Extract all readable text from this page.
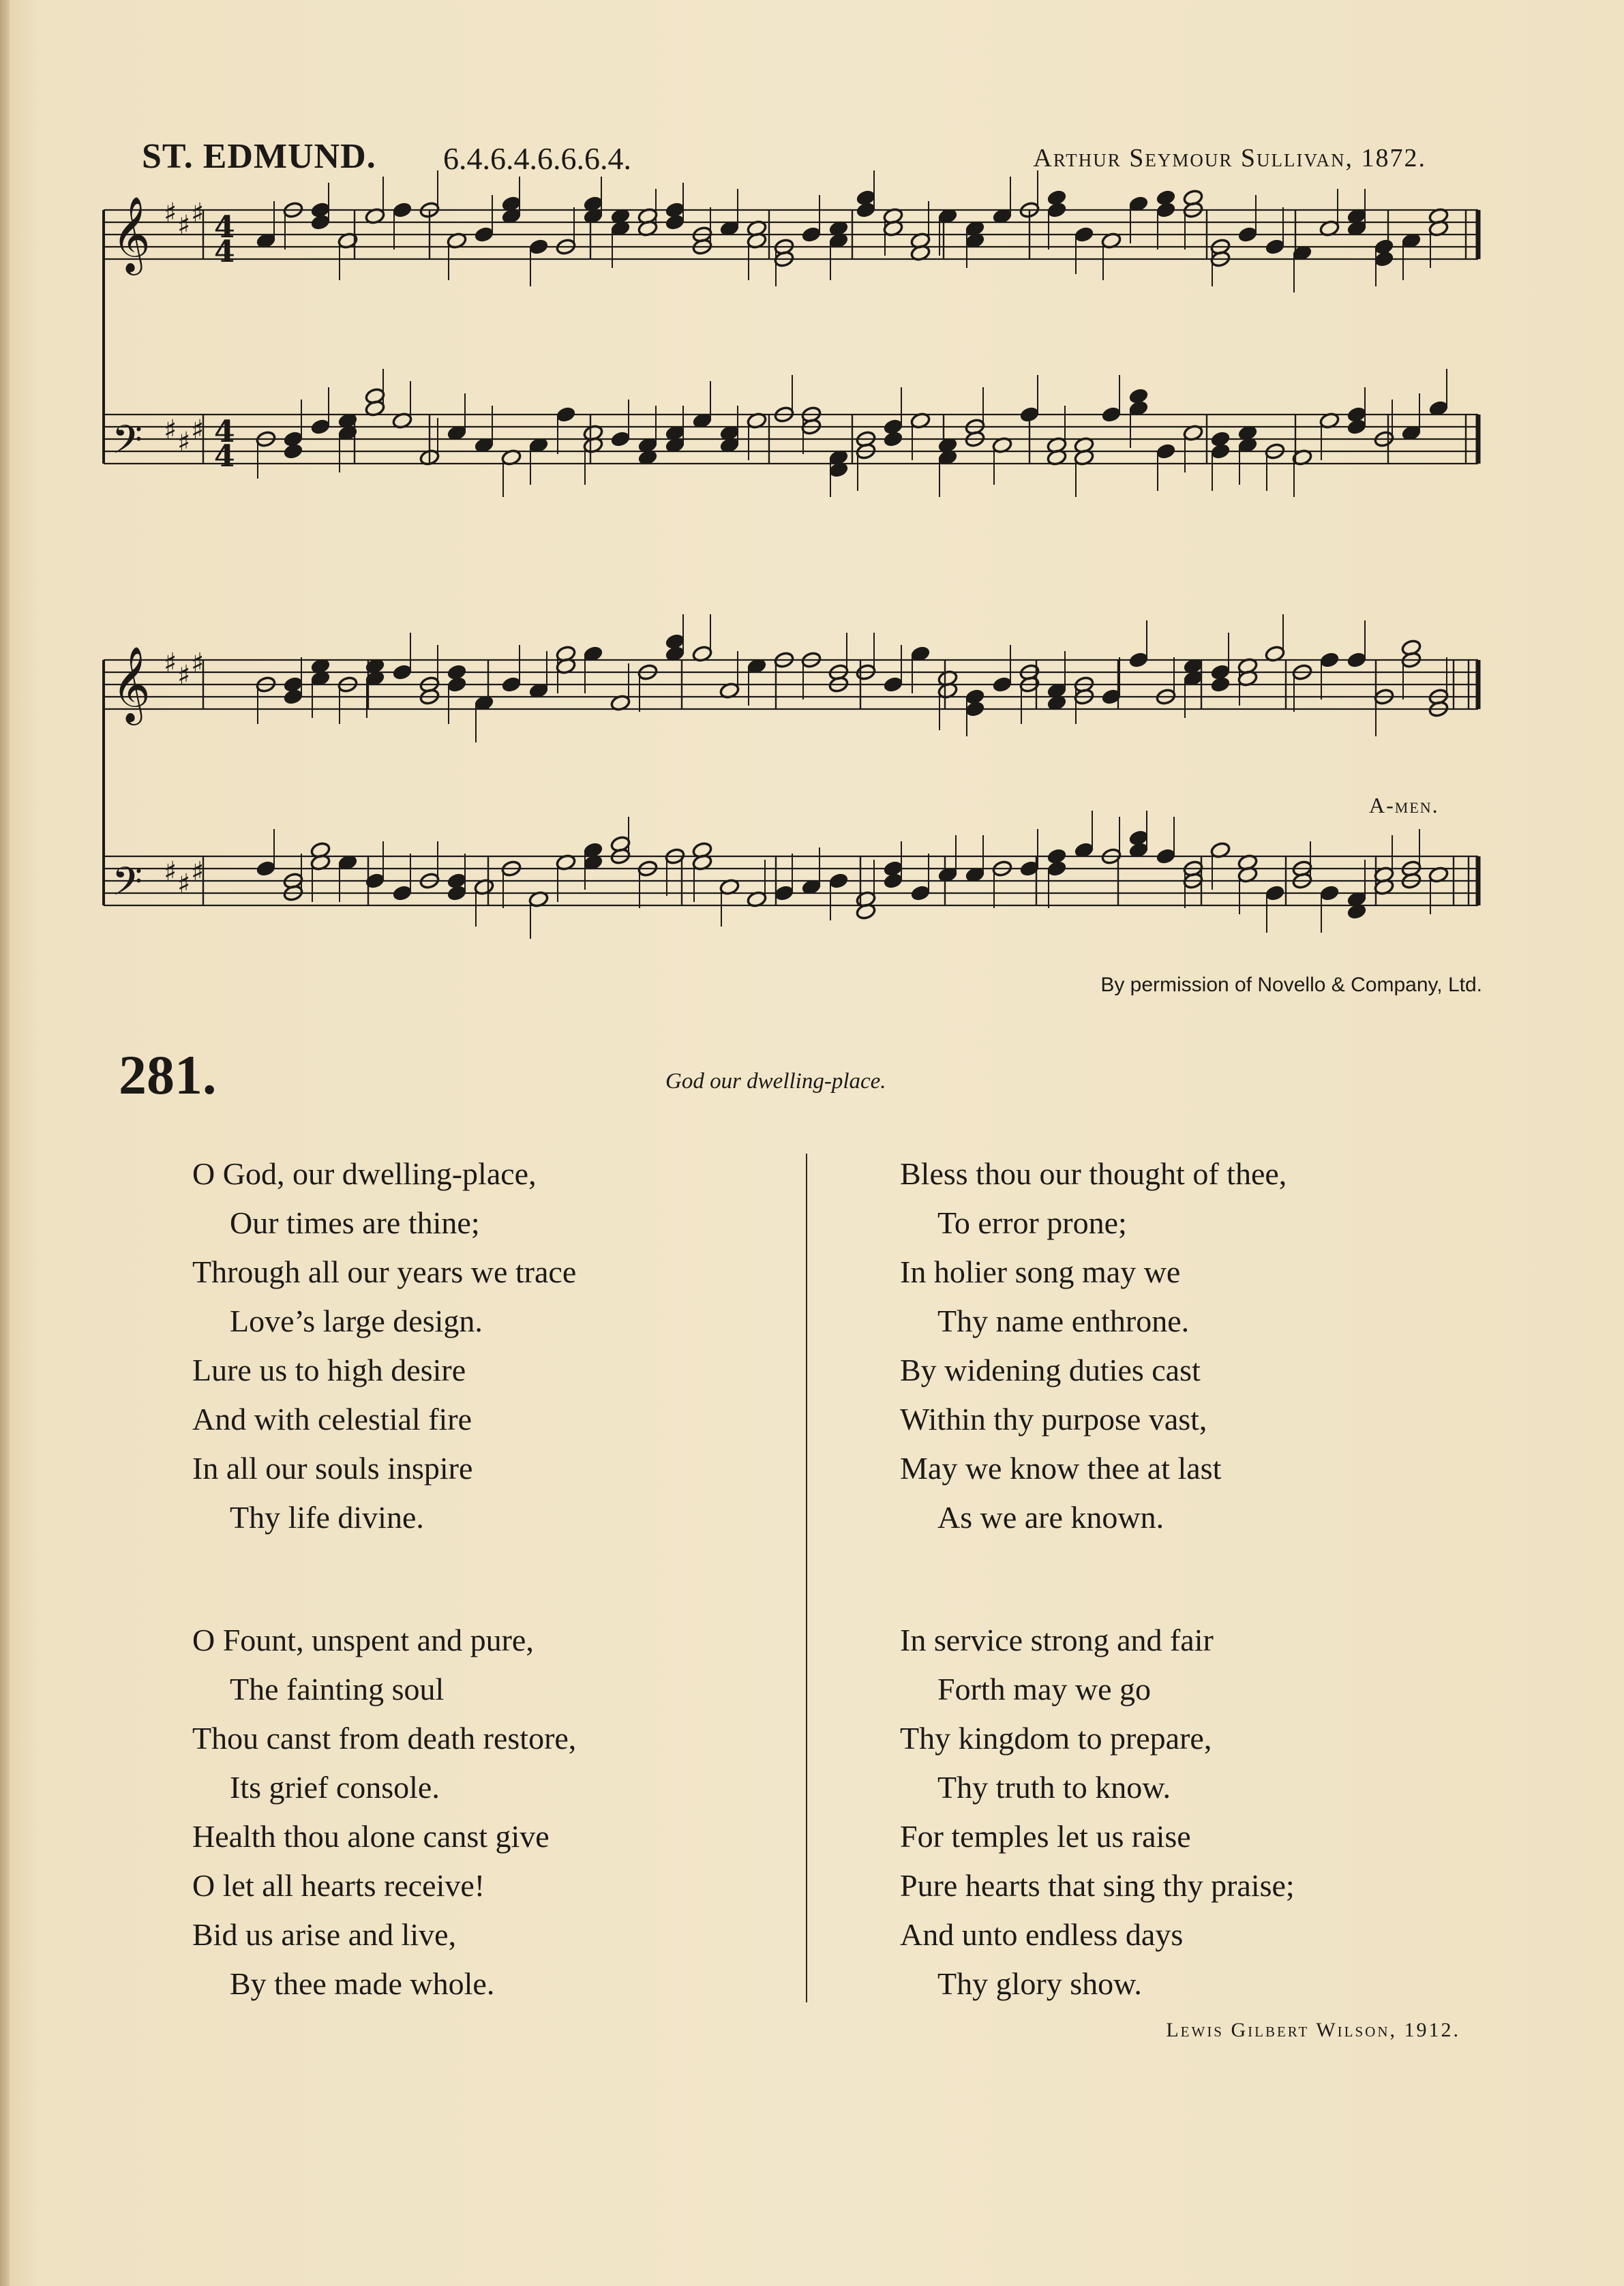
ST. EDMUND. 6.4.6.4.6.6.6.4.	Arthur Seymour Sullivan, 1872.
𝄞 ♯ ♯ ♯ 4
4
𝄢 ♯ ♯ ♯ 4
4
𝄞 ♯ ♯ ♯
𝄢 ♯ ♯ ♯
A-men.
By permission of Novello & Company, Ltd.
281.	God our dwelling-place.
O God, our dwelling-place,
Our times are thine;
Through all our years we trace
Love’s large design.
Lure us to high desire
And with celestial fire
In all our souls inspire
Thy life divine.
Bless thou our thought of thee,
To error prone;
In holier song may we
Thy name enthrone.
By widening duties cast
Within thy purpose vast,
May we know thee at last
As we are known.
O Fount, unspent and pure,
The fainting soul
Thou canst from death restore,
Its grief console.
Health thou alone canst give
O let all hearts receive!
Bid us arise and live,
By thee made whole.
In service strong and fair
Forth may we go
Thy kingdom to prepare,
Thy truth to know.
For temples let us raise
Pure hearts that sing thy praise;
And unto endless days
Thy glory show.
Lewis Gilbert Wilson, 1912.
